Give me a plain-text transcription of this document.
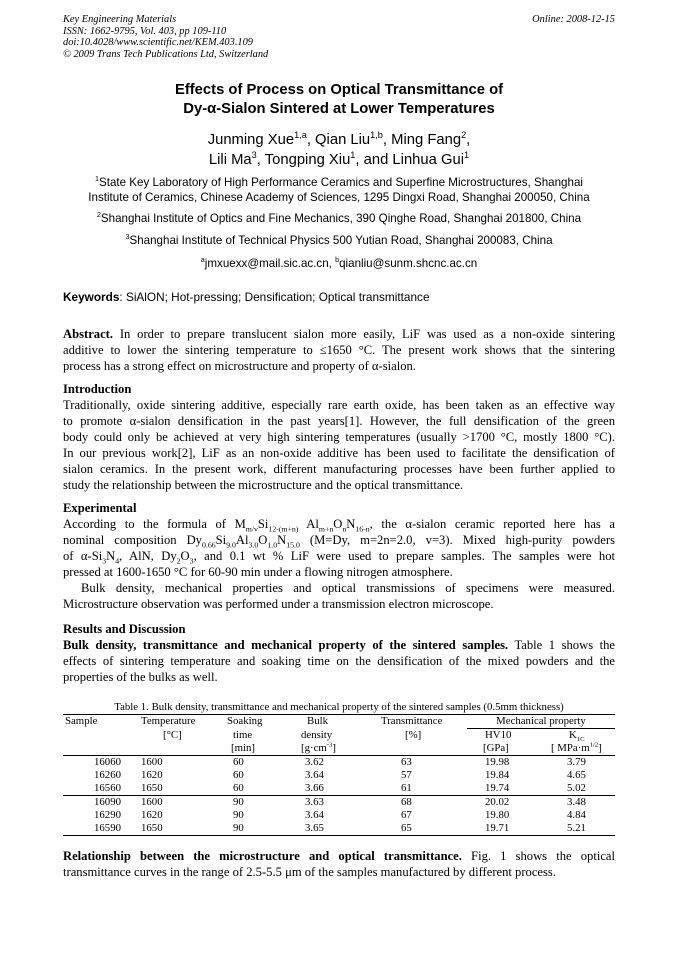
Key Engineering Materials
ISSN: 1662-9795, Vol. 403, pp 109-110
doi:10.4028/www.scientific.net/KEM.403.109
© 2009 Trans Tech Publications Ltd, Switzerland
Online: 2008-12-15
Effects of Process on Optical Transmittance of
Dy-α-Sialon Sintered at Lower Temperatures
Junming Xue$^{1,a}$, Qian Liu$^{1,b}$, Ming Fang$^2$,
Lili Ma$^3$, Tongping Xiu$^1$, and Linhua Gui$^1$
$^1$State Key Laboratory of High Performance Ceramics and Superfine Microstructures, Shanghai
Institute of Ceramics, Chinese Academy of Sciences, 1295 Dingxi Road, Shanghai 200050, China
$^2$Shanghai Institute of Optics and Fine Mechanics, 390 Qinghe Road, Shanghai 201800, China
$^3$Shanghai Institute of Technical Physics 500 Yutian Road, Shanghai 200083, China
$^a$jmxuexx@mail.sic.ac.cn, $^b$qianliu@sunm.shcnc.ac.cn
Keywords: SiAlON; Hot-pressing; Densification; Optical transmittance
Abstract. In order to prepare translucent sialon more easily, LiF was used as a non-oxide sintering
additive to lower the sintering temperature to ≤1650 °C. The present work shows that the sintering
process has a strong effect on microstructure and property of α-sialon.
Introduction
Traditionally, oxide sintering additive, especially rare earth oxide, has been taken as an effective way
to promote α-sialon densification in the past years[1]. However, the full densification of the green
body could only be achieved at very high sintering temperatures (usually >1700 °C, mostly 1800 °C).
In our previous work[2], LiF as an non-oxide additive has been used to facilitate the densification of
sialon ceramics. In the present work, different manufacturing processes have been further applied to
study the relationship between the microstructure and the optical transmittance.
Experimental
According to the formula of $M_{m/v}Si_{12-(m+n)}$ $Al_{m+n}O_nN_{16-n}$, the α-sialon ceramic reported here has a
nominal composition $Dy_{0.66}Si_{9.0}Al_{3.0}O_{1.0}N_{15.0}$ (M=Dy, m=2n=2.0, v=3). Mixed high-purity powders
of $\alpha-Si_3N_4$, AlN, $Dy_2O_3$, and 0.1 wt % LiF were used to prepare samples. The samples were hot
pressed at 1600-1650 °C for 60-90 min under a flowing nitrogen atmosphere.
Bulk density, mechanical properties and optical transmissions of specimens were measured.
Microstructure observation was performed under a transmission electron microscope.
Results and Discussion
Bulk density, transmittance and mechanical property of the sintered samples. Table 1 shows the
effects of sintering temperature and soaking time on the densification of the mixed powders and the
properties of the bulks as well.
Table 1. Bulk density, transmittance and mechanical property of the sintered samples (0.5mm thickness)
Sample	Temperature	Soaking	Bulk	Transmittance	Mechanical property	
	[°C]	time	density	[%]	HV10	$K_{1C}$
		[min]	$[g\cdot cm^{-3}]$		[GPa]	[ $MPa\cdot m^{1/2}$]
16060	1600	60	3.62	63	19.98	3.79
16260	1620	60	3.64	57	19.84	4.65
16560	1650	60	3.66	61	19.74	5.02
16090	1600	90	3.63	68	20.02	3.48
16290	1620	90	3.64	67	19.80	4.84
16590	1650	90	3.65	65	19.71	5.21
Relationship between the microstructure and optical transmittance. Fig. 1 shows the optical
transmittance curves in the range of 2.5-5.5 μm of the samples manufactured by different process.
